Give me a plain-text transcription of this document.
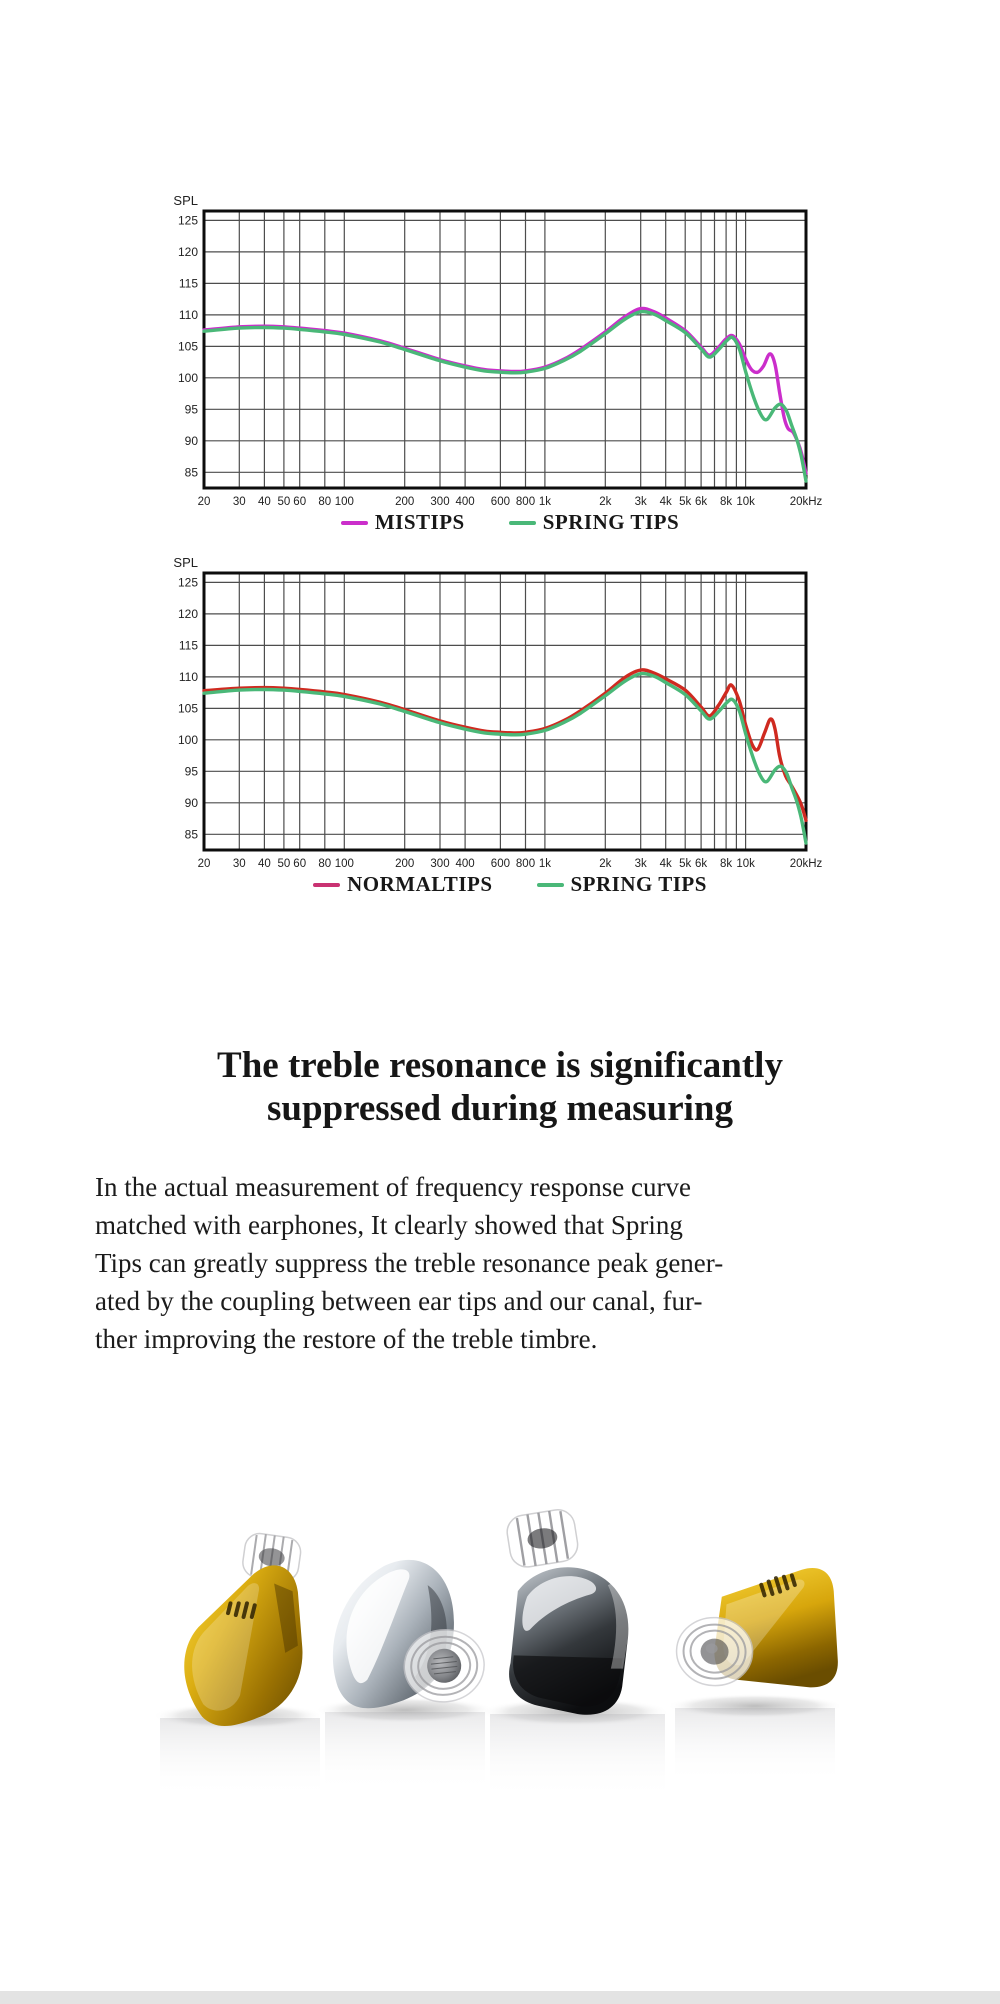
SPL
125
120
115
110
105
100
95
90
85
20 30 40 50 60 80 100	200 300 400 600 800 1k	2k 3k 4k 5k 6k 8k 10k	20kHz
MISTIPS	SPRING TIPS
SPL
125
120
115
110
105
100
95
90
85
20 30 40 50 60 80 100	200 300 400 600 800 1k	2k 3k 4k 5k 6k 8k 10k	20kHz
NORMALTIPS	SPRING TIPS
The treble resonance is significantly
suppressed during measuring
In the actual measurement of frequency response curve
matched with earphones, It clearly showed that Spring
Tips can greatly suppress the treble resonance peak gener-
ated by the coupling between ear tips and our canal, fur-
ther improving the restore of the treble timbre.
